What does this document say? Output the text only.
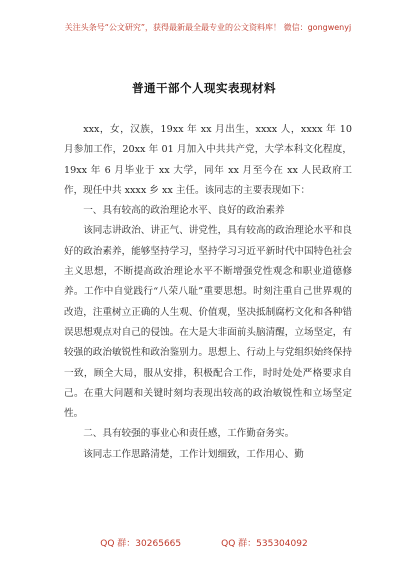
关注头条号“公文研究”，获得最新最全最专业的公文资料库！ 微信：gongwenyj
普通干部个人现实表现材料

xxx，女，汉族，19xx 年 xx 月出生，xxxx 人，xxxx 年 10 月参加工作，20xx 年 01 月加入中共共产党，大学本科文化程度，19xx 年 6 月毕业于 xx 大学，同年 xx 月至今在 xx 人民政府工作，现任中共 xxxx 乡 xx 主任。该同志的主要表现如下：

一、具有较高的政治理论水平、良好的政治素养

该同志讲政治、讲正气、讲党性，具有较高的政治理论水平和良好的政治素养，能够坚持学习，坚持学习习近平新时代中国特色社会主义思想，不断提高政治理论水平不断增强党性观念和职业道德修养。工作中自觉践行“八荣八耻”重要思想。时刻注重自己世界观的改造，注重树立正确的人生观、价值观，坚决抵制腐朽文化和各种错误思想观点对自己的侵蚀。在大是大非面前头脑清醒，立场坚定，有较强的政治敏锐性和政治鉴别力。思想上、行动上与党组织始终保持一致，顾全大局，服从安排，积极配合工作，时时处处严格要求自己。在重大问题和关键时刻均表现出较高的政治敏锐性和立场坚定性。

二、具有较强的事业心和责任感，工作勤奋务实。

该同志工作思路清楚，工作计划细致，工作用心、勤

QQ 群：30265665	QQ 群：535304092
